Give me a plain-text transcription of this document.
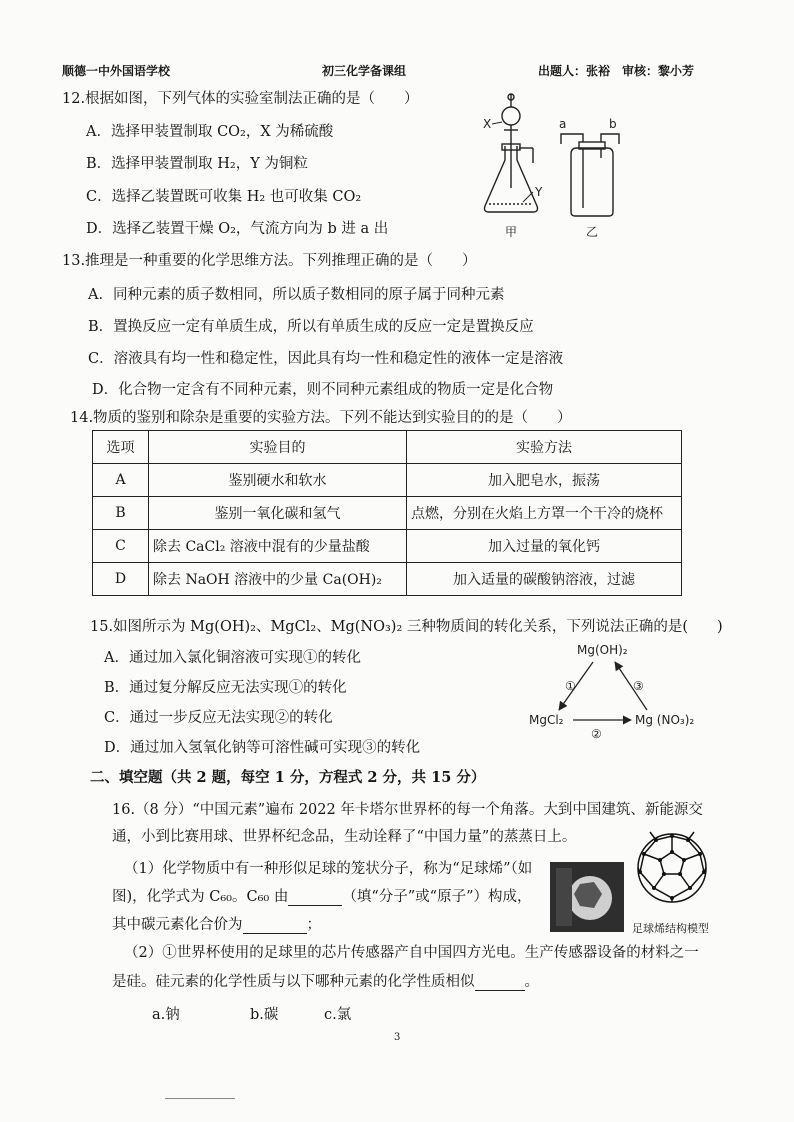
顺德一中外国语学校	初三化学备课组	出题人：张裕　审核：黎小芳
12.根据如图，下列气体的实验室制法正确的是（　　）
A．选择甲装置制取 CO₂，X 为稀硫酸
B．选择甲装置制取 H₂，Y 为铜粒
C．选择乙装置既可收集 H₂ 也可收集 CO₂
D．选择乙装置干燥 O₂，气流方向为 b 进 a 出
X
Y
甲
a	b
乙
13.推理是一种重要的化学思维方法。下列推理正确的是（　　）
A．同种元素的质子数相同，所以质子数相同的原子属于同种元素
B．置换反应一定有单质生成，所以有单质生成的反应一定是置换反应
C．溶液具有均一性和稳定性，因此具有均一性和稳定性的液体一定是溶液
D．化合物一定含有不同种元素，则不同种元素组成的物质一定是化合物
14.物质的鉴别和除杂是重要的实验方法。下列不能达到实验目的的是（　　）
选项	实验目的	实验方法
A	鉴别硬水和软水	加入肥皂水，振荡
B	鉴别一氧化碳和氢气	点燃，分别在火焰上方罩一个干冷的烧杯
C	除去 CaCl₂ 溶液中混有的少量盐酸	加入过量的氧化钙
D	除去 NaOH 溶液中的少量 Ca(OH)₂	加入适量的碳酸钠溶液，过滤
15.如图所示为 Mg(OH)₂、MgCl₂、Mg(NO₃)₂ 三种物质间的转化关系，下列说法正确的是(　　)
A．通过加入氯化铜溶液可实现①的转化
B．通过复分解反应无法实现①的转化
C．通过一步反应无法实现②的转化
D．通过加入氢氧化钠等可溶性碱可实现③的转化
Mg(OH)₂
MgCl₂	Mg (NO₃)₂
①
②
③
二、填空题（共 2 题，每空 1 分，方程式 2 分，共 15 分）
16.（8 分）“中国元素”遍布 2022 年卡塔尔世界杯的每一个角落。大到中国建筑、新能源交
通，小到比赛用球、世界杯纪念品，生动诠释了“中国力量”的蒸蒸日上。
（1）化学物质中有一种形似足球的笼状分子，称为“足球烯”（如
图)，化学式为 C₆₀。C₆₀ 由	（填“分子”或“原子”）构成，
其中碳元素化合价为	；	足球烯结构模型
（2）①世界杯使用的足球里的芯片传感器产自中国四方光电。生产传感器设备的材料之一
是硅。硅元素的化学性质与以下哪种元素的化学性质相似	。
a.钠	b.碳	c.氯
3
